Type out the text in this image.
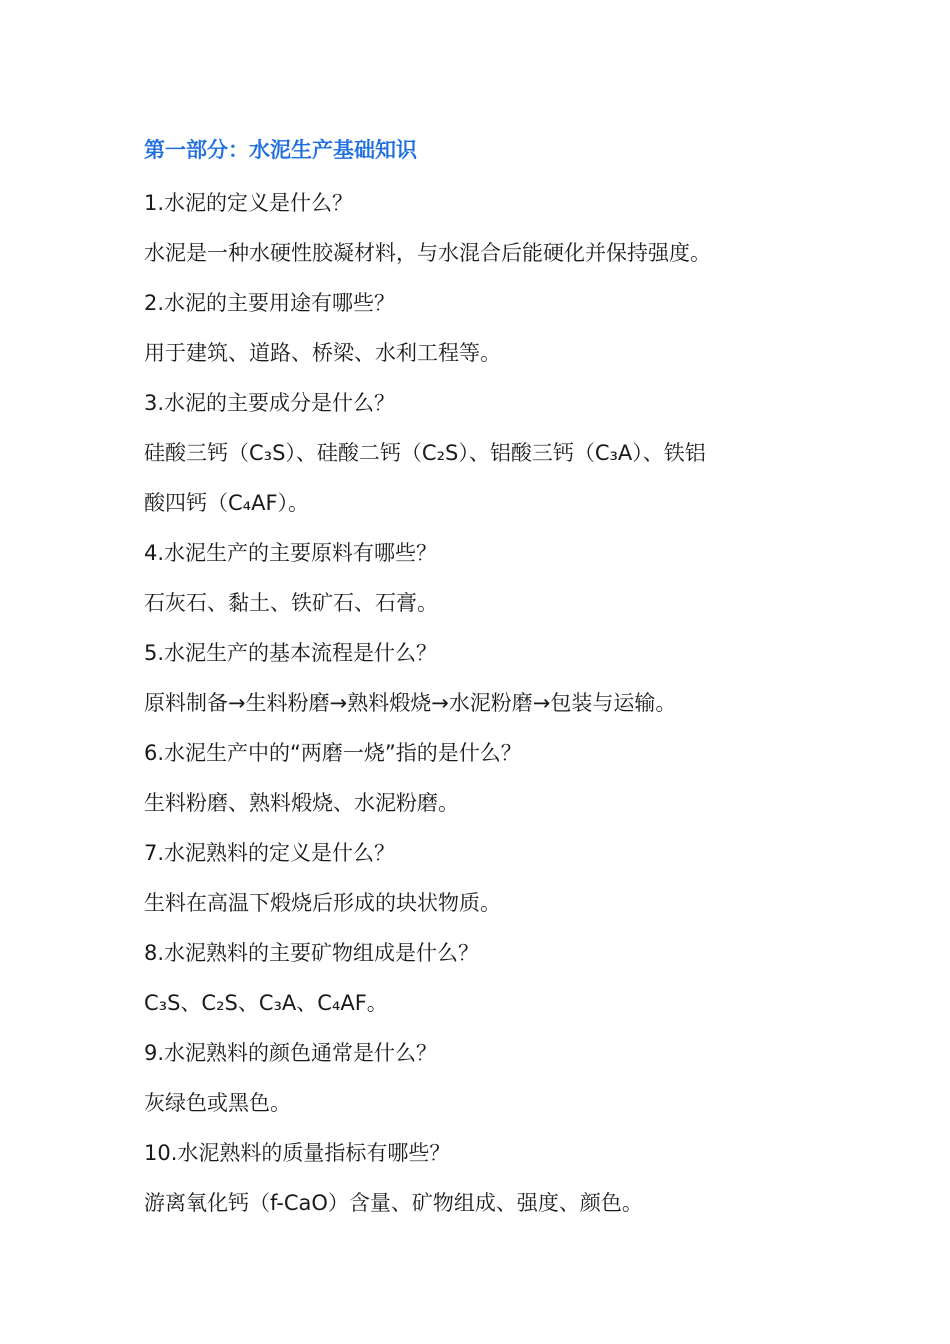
第一部分：水泥生产基础知识
1.水泥的定义是什么？
水泥是一种水硬性胶凝材料，与水混合后能硬化并保持强度。
2.水泥的主要用途有哪些？
用于建筑、道路、桥梁、水利工程等。
3.水泥的主要成分是什么？
硅酸三钙（C₃S）、硅酸二钙（C₂S）、铝酸三钙（C₃A）、铁铝
酸四钙（C₄AF）。
4.水泥生产的主要原料有哪些？
石灰石、黏土、铁矿石、石膏。
5.水泥生产的基本流程是什么？
原料制备→生料粉磨→熟料煅烧→水泥粉磨→包装与运输。
6.水泥生产中的“两磨一烧”指的是什么？
生料粉磨、熟料煅烧、水泥粉磨。
7.水泥熟料的定义是什么？
生料在高温下煅烧后形成的块状物质。
8.水泥熟料的主要矿物组成是什么？
C₃S、C₂S、C₃A、C₄AF。
9.水泥熟料的颜色通常是什么？
灰绿色或黑色。
10.水泥熟料的质量指标有哪些？
游离氧化钙（f-CaO）含量、矿物组成、强度、颜色。
